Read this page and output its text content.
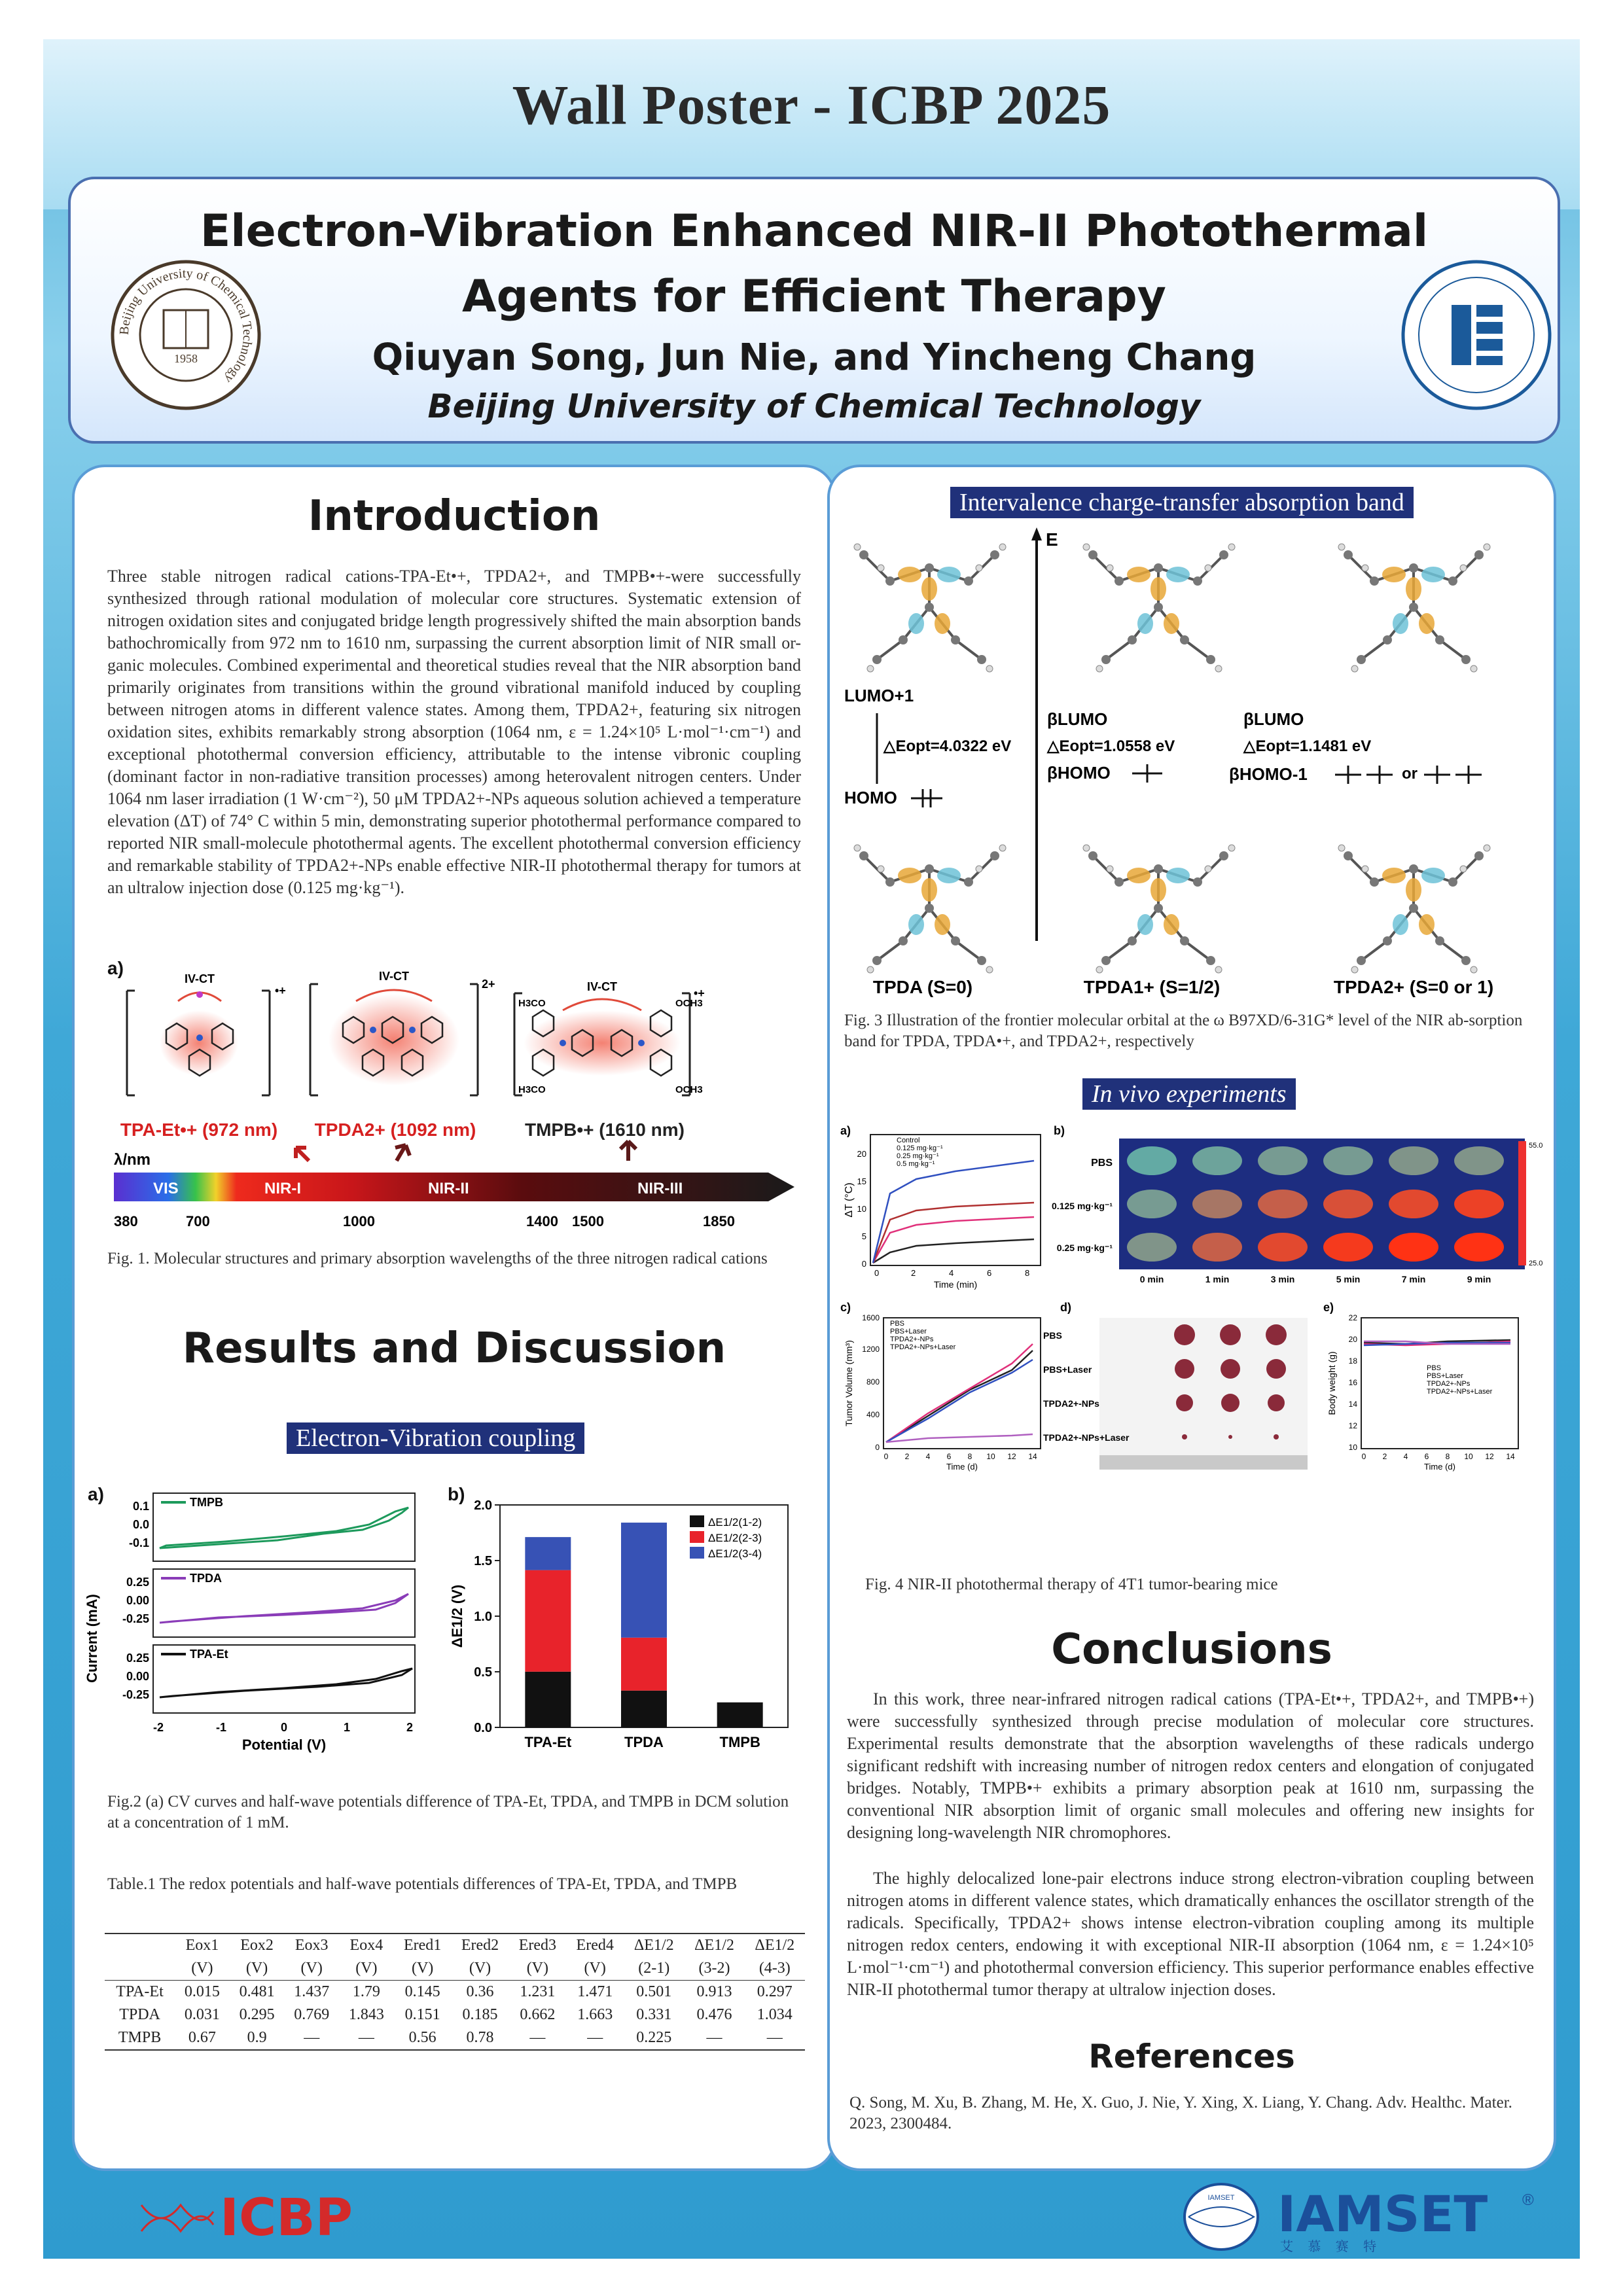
Wall Poster - ICBP 2025
Electron-Vibration Enhanced NIR-II Photothermal
Agents for Efficient Therapy
Qiuyan Song, Jun Nie, and Yincheng Chang
Beijing University of Chemical Technology
Beijing University of Chemical Technology
1958
Introduction
Three stable nitrogen radical cations-TPA-Et•+, TPDA2+, and TMPB•+-were successfully synthesized through rational modulation of molecular core structures. Systematic extension of nitrogen oxidation sites and conjugated bridge length progressively shifted the main absorption bands bathochromically from 972 nm to 1610 nm, surpassing the current absorption limit of NIR small or-ganic molecules. Combined experimental and theoretical studies reveal that the NIR absorption band primarily originates from transitions within the ground vibrational manifold induced by coupling between nitrogen atoms in different valence states. Among them, TPDA2+, featuring six nitrogen oxidation sites, exhibits remarkably strong absorption (1064 nm, ε = 1.24×10⁵ L·mol⁻¹·cm⁻¹) and exceptional photothermal conversion efficiency, attributable to the intense vibronic coupling (dominant factor in non-radiative transition processes) among heterovalent nitrogen centers. Under 1064 nm laser irradiation (1 W·cm⁻²), 50 μM TPDA2+-NPs aqueous solution achieved a temperature elevation (ΔT) of 74° C within 5 min, demonstrating superior photothermal performance compared to reported NIR small-molecule photothermal agents. The excellent photothermal conversion efficiency and remarkable stability of TPDA2+-NPs enable effective NIR-II photothermal therapy for tumors at an ultralow injection dose (0.125 mg·kg⁻¹).
a)
IV-CT
•+
TPA-Et•+ (972 nm)
IV-CT
2+
TPDA2+ (1092 nm)
IV-CT
H3CO	OCH3
H3CO	OCH3
•+
TMPB•+ (1610 nm)
λ/nm
VIS	NIR-I	NIR-II	NIR-III
380	700	1000	1400 1500	1850
Fig. 1. Molecular structures and primary absorption wavelengths of the three nitrogen radical cations
Results and Discussion
Electron-Vibration coupling
a)
Current (mA)
0.1
0.0
-0.1
TMPB
0.25
0.00
-0.25
TPDA
0.25
0.00
-0.25
TPA-Et
-2	-1	0	1	2
Potential (V)
b)
0.0
0.5
1.0
1.5
2.0
ΔE1/2 (V)
TPA-Et	TPDA	TMPB
ΔE1/2(1-2)
ΔE1/2(2-3)
ΔE1/2(3-4)
Fig.2 (a) CV curves and half-wave potentials difference of TPA-Et, TPDA, and TMPB in DCM solution at a concentration of 1 mM.
Table.1 The redox potentials and half-wave potentials differences of TPA-Et, TPDA, and TMPB
	Eox1	Eox2	Eox3	Eox4	Ered1	Ered2	Ered3	Ered4	ΔE1/2	ΔE1/2	ΔE1/2
	(V)	(V)	(V)	(V)	(V)	(V)	(V)	(V)	(2-1)	(3-2)	(4-3)
TPA-Et	0.015	0.481	1.437	1.79	0.145	0.36	1.231	1.471	0.501	0.913	0.297
TPDA	0.031	0.295	0.769	1.843	0.151	0.185	0.662	1.663	0.331	0.476	1.034
TMPB	0.67	0.9	—	—	0.56	0.78	—	—	0.225	—	—
Intervalence charge-transfer absorption band
E
LUMO+1
△Eopt=4.0322 eV
HOMO
βLUMO
△Eopt=1.0558 eV
βHOMO
βLUMO
△Eopt=1.1481 eV
βHOMO-1	or
TPDA (S=0)	TPDA1+ (S=1/2)	TPDA2+ (S=0 or 1)
Fig. 3 Illustration of the frontier molecular orbital at the ω B97XD/6-31G* level of the NIR ab-sorption band for TPDA, TPDA•+, and TPDA2+, respectively
In vivo experiments
a)
ΔT (°C)
0
5
10
15
20
0	2	4	6	8
Time (min)
Control
0.125 mg·kg⁻¹
0.25 mg·kg⁻¹
0.5 mg·kg⁻¹
b)
PBS
0.125 mg·kg⁻¹
0.25 mg·kg⁻¹
0 min	1 min	3 min	5 min	7 min	9 min
55.0
25.0
c)
Tumor Volume (mm³)
0
400
800
1200
1600
0 2 4 6 8 10 12 14
Time (d)
PBS
PBS+Laser
TPDA2+-NPs
TPDA2+-NPs+Laser
d)
PBS
PBS+Laser
TPDA2+-NPs
TPDA2+-NPs+Laser
e)
Body weight (g)
10
12
14
16
18
20
22
0 2 4 6 8 10 12 14
Time (d)
PBS
PBS+Laser
TPDA2+-NPs
TPDA2+-NPs+Laser
Fig. 4 NIR-II photothermal therapy of 4T1 tumor-bearing mice
Conclusions
In this work, three near-infrared nitrogen radical cations (TPA-Et•+, TPDA2+, and TMPB•+) were successfully synthesized through precise modulation of molecular core structures. Experimental results demonstrate that the absorption wavelengths of these radicals undergo significant redshift with increasing number of nitrogen redox centers and elongation of conjugated bridges. Notably, TMPB•+ exhibits a primary absorption peak at 1610 nm, surpassing the conventional NIR absorption limit of organic small molecules and offering new insights for designing long-wavelength NIR chromophores.
The highly delocalized lone-pair electrons induce strong electron-vibration coupling between nitrogen atoms in different valence states, which dramatically enhances the oscillator strength of the radicals. Specifically, TPDA2+ shows intense electron-vibration coupling among its multiple nitrogen redox centers, endowing it with exceptional NIR-II absorption (1064 nm, ε = 1.24×10⁵ L·mol⁻¹·cm⁻¹) and photothermal conversion efficiency. This superior performance enables effective NIR-II photothermal tumor therapy at ultralow injection doses.
References
Q. Song, M. Xu, B. Zhang, M. He, X. Guo, J. Nie, Y. Xing, X. Liang, Y. Chang. Adv. Healthc. Mater. 2023, 2300484.
ICBP	IAMSET IAMSET ®
艾 慕 赛 特
